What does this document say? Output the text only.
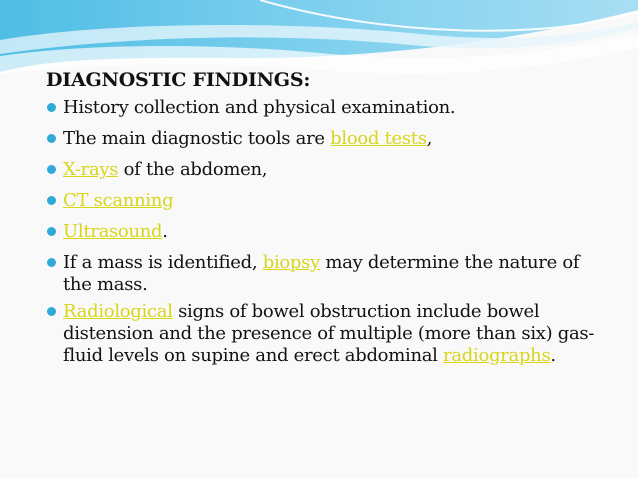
DIAGNOSTIC FINDINGS:
History collection and physical examination.
The main diagnostic tools are blood tests,
X-rays of the abdomen,
CT scanning
Ultrasound.
If a mass is identified, biopsy may determine the nature of the mass.
Radiological signs of bowel obstruction include bowel distension and the presence of multiple (more than six) gas-fluid levels on supine and erect abdominal radiographs.
